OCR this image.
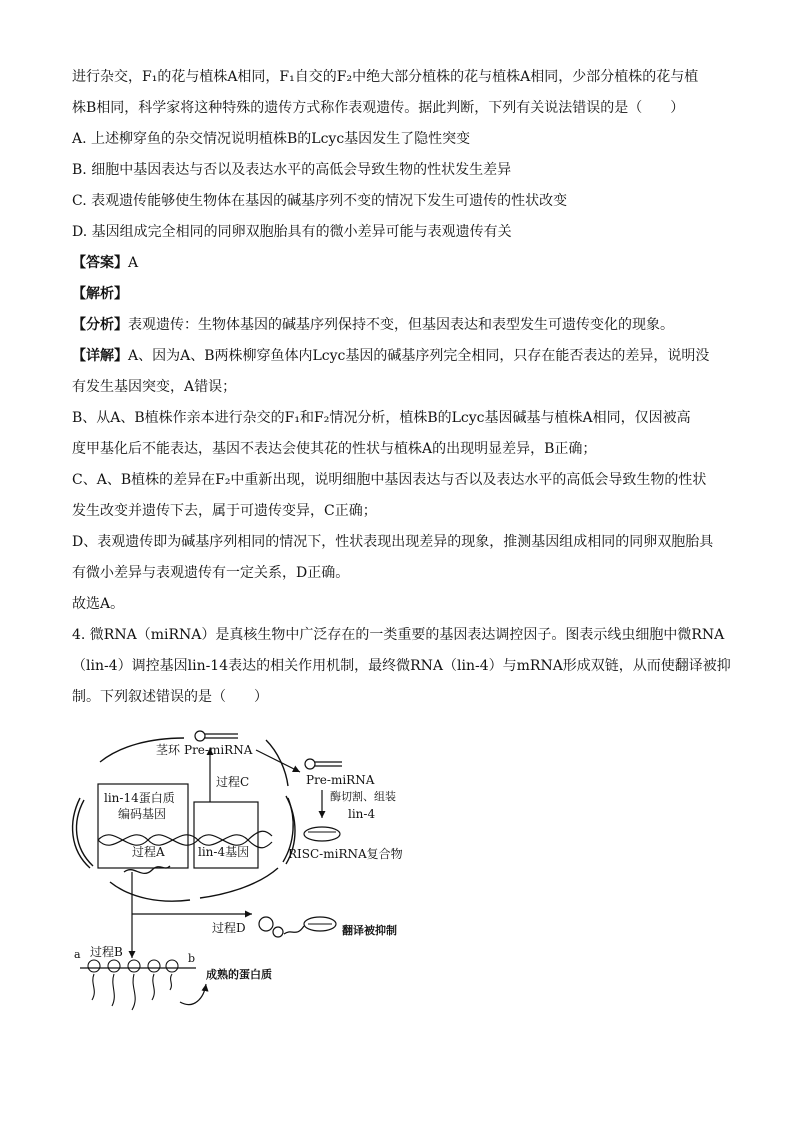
进行杂交，F₁的花与植株A相同，F₁自交的F₂中绝大部分植株的花与植株A相同，少部分植株的花与植
株B相同，科学家将这种特殊的遗传方式称作表观遗传。据此判断，下列有关说法错误的是（　　）
A. 上述柳穿鱼的杂交情况说明植株B的Lcyc基因发生了隐性突变
B. 细胞中基因表达与否以及表达水平的高低会导致生物的性状发生差异
C. 表观遗传能够使生物体在基因的碱基序列不变的情况下发生可遗传的性状改变
D. 基因组成完全相同的同卵双胞胎具有的微小差异可能与表观遗传有关
【答案】A
【解析】
【分析】表观遗传：生物体基因的碱基序列保持不变，但基因表达和表型发生可遗传变化的现象。
【详解】A、因为A、B两株柳穿鱼体内Lcyc基因的碱基序列完全相同，只存在能否表达的差异，说明没
有发生基因突变，A错误；
B、从A、B植株作亲本进行杂交的F₁和F₂情况分析，植株B的Lcyc基因碱基与植株A相同，仅因被高
度甲基化后不能表达，基因不表达会使其花的性状与植株A的出现明显差异，B正确；
C、A、B植株的差异在F₂中重新出现，说明细胞中基因表达与否以及表达水平的高低会导致生物的性状
发生改变并遗传下去，属于可遗传变异，C正确；
D、表观遗传即为碱基序列相同的情况下，性状表现出现差异的现象，推测基因组成相同的同卵双胞胎具
有微小差异与表观遗传有一定关系，D正确。
故选A。
4. 微RNA（miRNA）是真核生物中广泛存在的一类重要的基因表达调控因子。图表示线虫细胞中微RNA
（lin-4）调控基因lin-14表达的相关作用机制，最终微RNA（lin-4）与mRNA形成双链，从而使翻译被抑
制。下列叙述错误的是（　　）
lin-14蛋白质
编码基因
lin-4基因
过程C
茎环 Pre-miRNA
Pre-miRNA
酶切割、组装
lin-4
RISC-miRNA复合物
过程A
过程D	翻译被抑制
a 过程B	b
成熟的蛋白质
